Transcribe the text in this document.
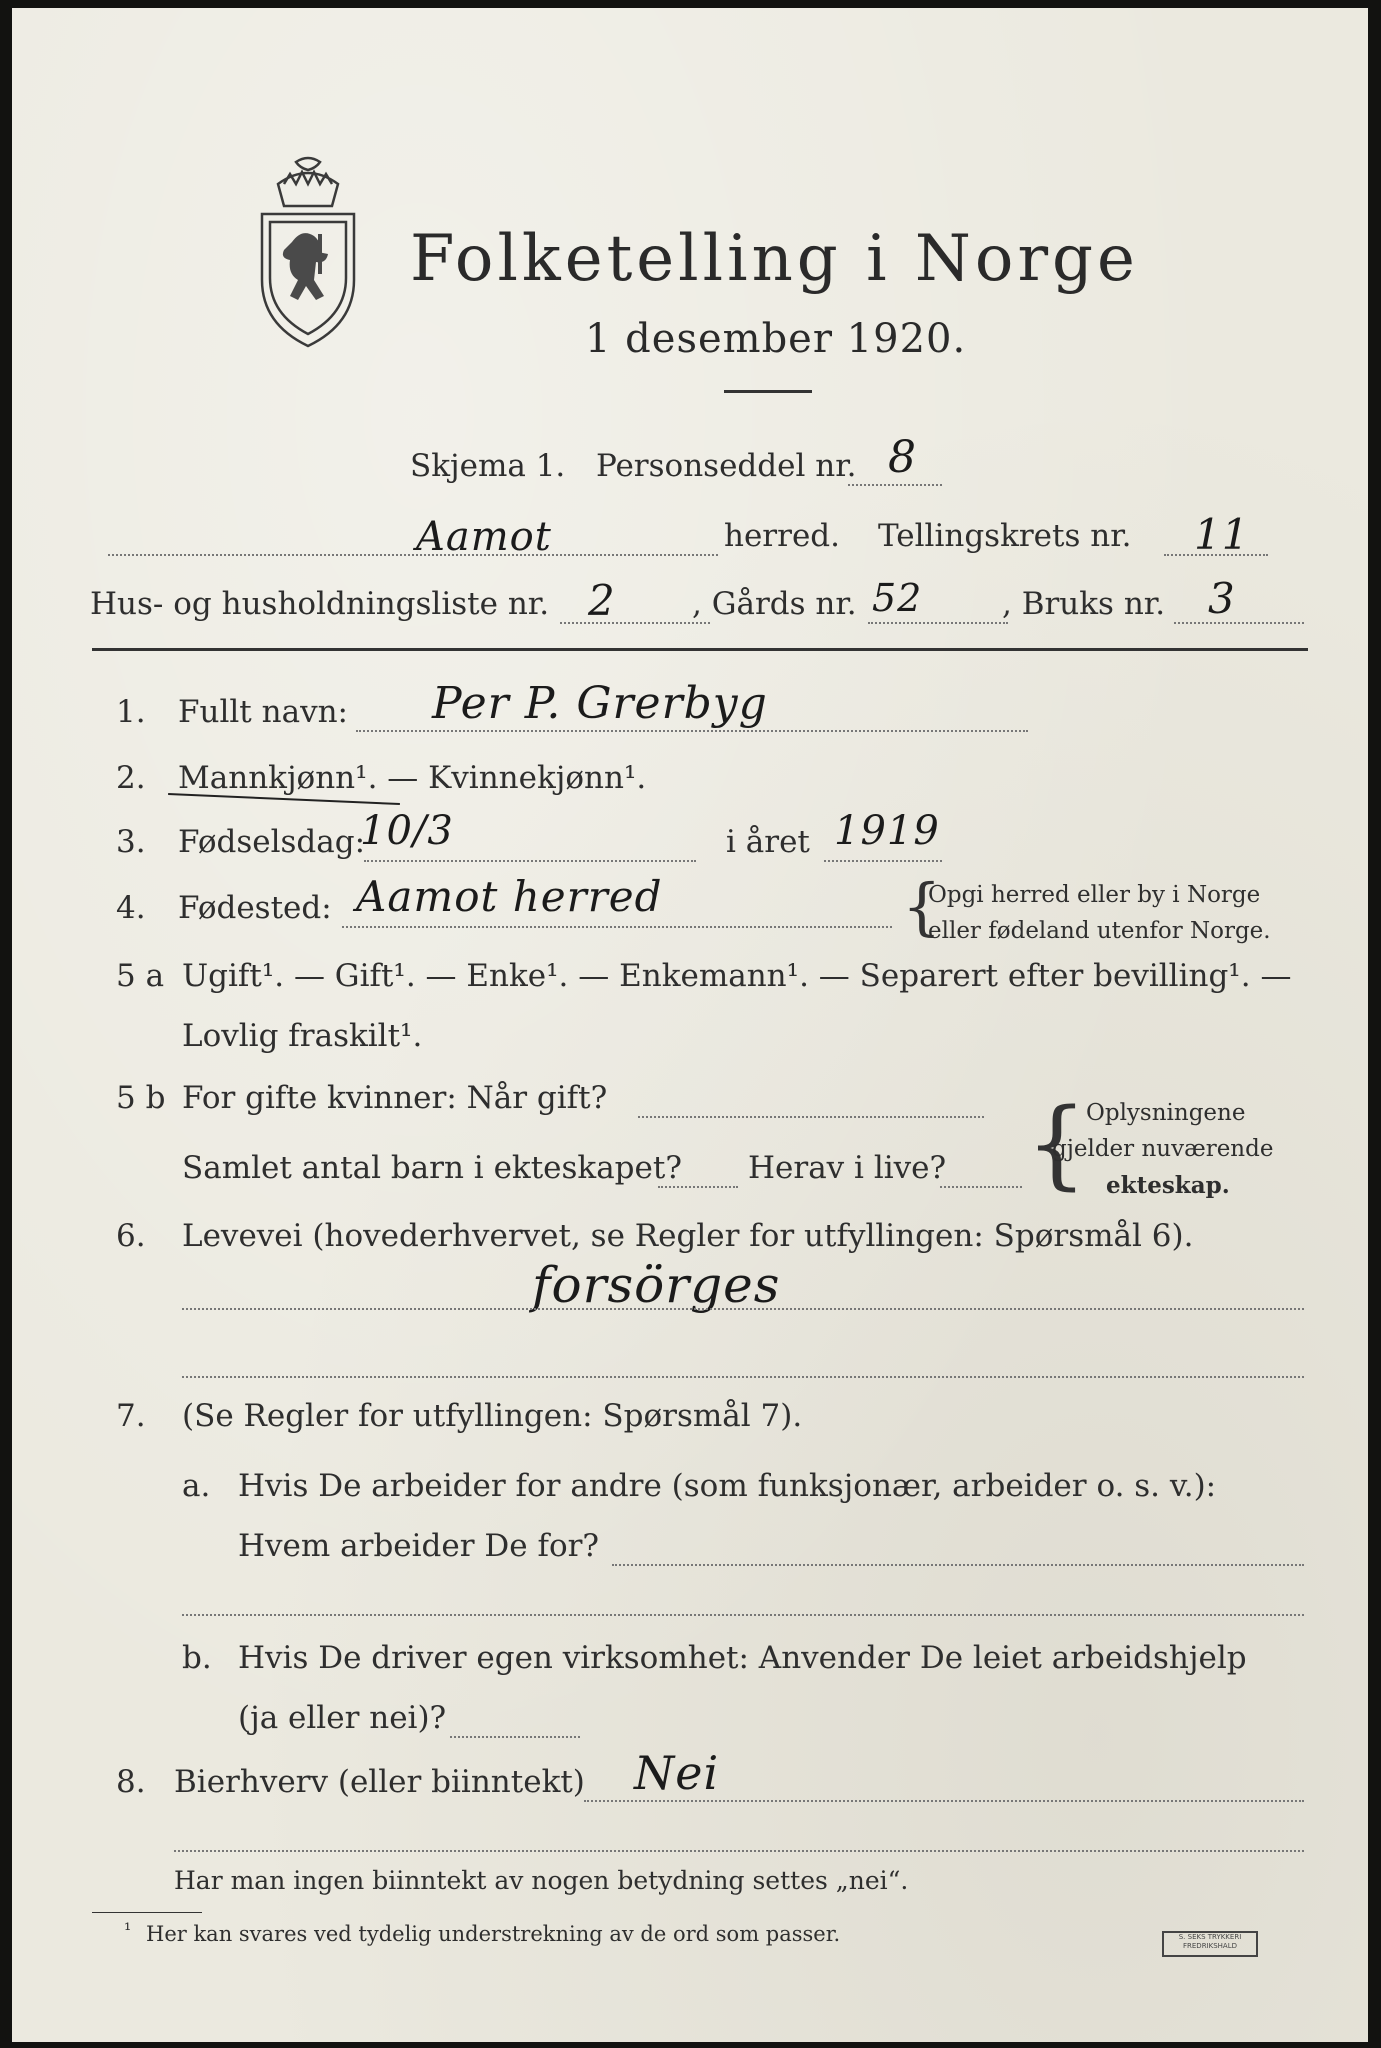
Folketelling i Norge
1 desember 1920.
Skjema 1. Personseddel nr. 8
Aamot	herred. Tellingskrets nr. 11
Hus- og husholdningsliste nr. 2 , Gårds nr. 52	, Bruks nr. 3
1. Fullt navn: Per P. Grerbyg
2. Mannkjønn¹. — Kvinnekjønn¹.
3. Fødselsdag:
10/3	i året 1919
4. Fødested: Aamot herred	{
Opgi herred eller by i Norge
eller fødeland utenfor Norge.
5 a Ugift¹. — Gift¹. — Enke¹. — Enkemann¹. — Separert efter bevilling¹. —
Lovlig fraskilt¹.
5 b For gifte kvinner: Når gift?
Samlet antal barn i ekteskapet? Herav i live? {
Oplysningene
gjelder nuværende
ekteskap.
6. Levevei (hovederhvervet, se Regler for utfyllingen: Spørsmål 6).
forsörges
7. (Se Regler for utfyllingen: Spørsmål 7).
a. Hvis De arbeider for andre (som funksjonær, arbeider o. s. v.):
Hvem arbeider De for?
b. Hvis De driver egen virksomhet: Anvender De leiet arbeidshjelp
(ja eller nei)?
8. Bierhverv (eller biinntekt) Nei
Har man ingen biinntekt av nogen betydning settes „nei“.
¹ Her kan svares ved tydelig understrekning av de ord som passer.	S. SEKS TRYKKERI
FREDRIKSHALD
